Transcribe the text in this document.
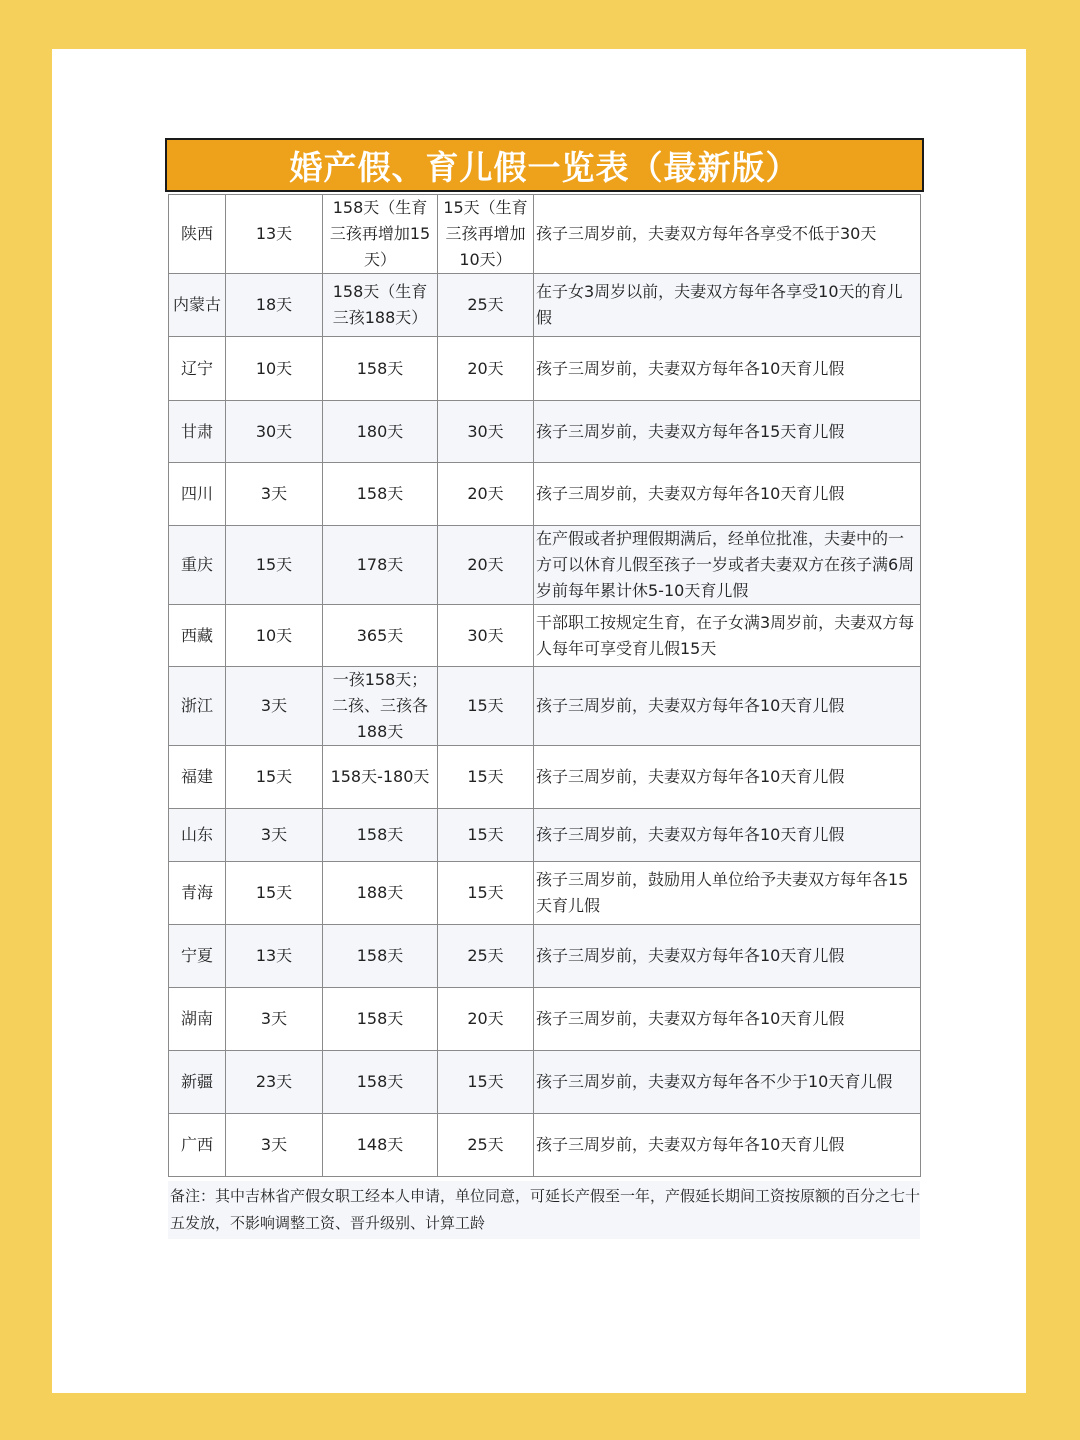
婚产假、育儿假一览表（最新版）
陕西	13天	158天（生育三孩再增加15天）	15天（生育三孩再增加10天）	孩子三周岁前，夫妻双方每年各享受不低于30天
内蒙古	18天	158天（生育三孩188天）	25天	在子女3周岁以前，夫妻双方每年各享受10天的育儿假
辽宁	10天	158天	20天	孩子三周岁前，夫妻双方每年各10天育儿假
甘肃	30天	180天	30天	孩子三周岁前，夫妻双方每年各15天育儿假
四川	3天	158天	20天	孩子三周岁前，夫妻双方每年各10天育儿假
重庆	15天	178天	20天	在产假或者护理假期满后，经单位批准，夫妻中的一方可以休育儿假至孩子一岁或者夫妻双方在孩子满6周岁前每年累计休5-10天育儿假
西藏	10天	365天	30天	干部职工按规定生育，在子女满3周岁前，夫妻双方每人每年可享受育儿假15天
浙江	3天	一孩158天；二孩、三孩各188天	15天	孩子三周岁前，夫妻双方每年各10天育儿假
福建	15天	158天-180天	15天	孩子三周岁前，夫妻双方每年各10天育儿假
山东	3天	158天	15天	孩子三周岁前，夫妻双方每年各10天育儿假
青海	15天	188天	15天	孩子三周岁前，鼓励用人单位给予夫妻双方每年各15天育儿假
宁夏	13天	158天	25天	孩子三周岁前，夫妻双方每年各10天育儿假
湖南	3天	158天	20天	孩子三周岁前，夫妻双方每年各10天育儿假
新疆	23天	158天	15天	孩子三周岁前，夫妻双方每年各不少于10天育儿假
广西	3天	148天	25天	孩子三周岁前，夫妻双方每年各10天育儿假
备注：其中吉林省产假女职工经本人申请，单位同意，可延长产假至一年，产假延长期间工资按原额的百分之七十五发放，不影响调整工资、晋升级别、计算工龄
